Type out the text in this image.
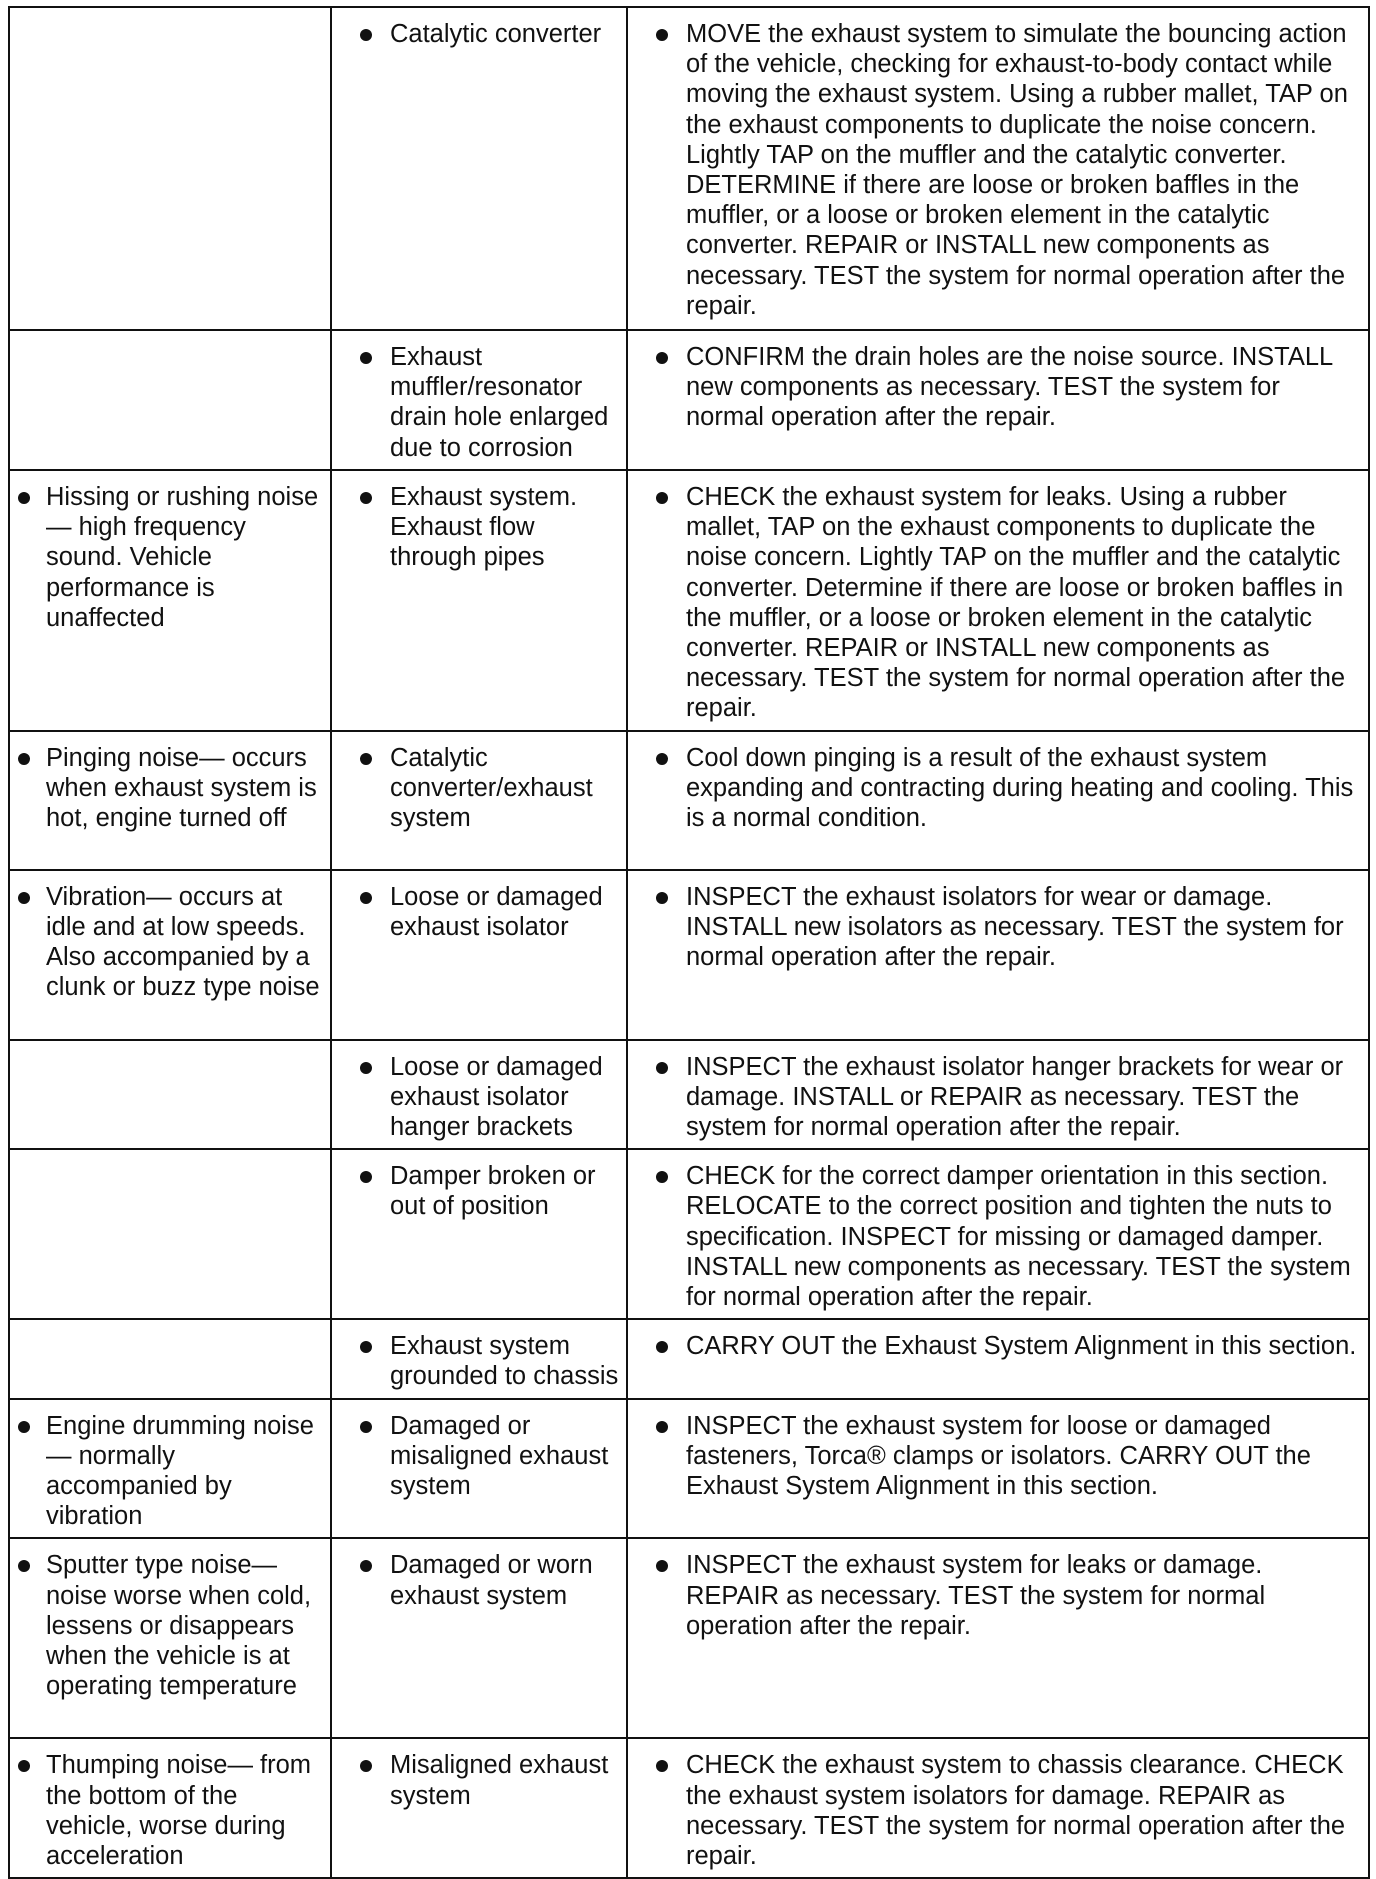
	Catalytic converter	MOVE the exhaust system to simulate the bouncing action of the vehicle, checking for exhaust-to-body contact while moving the exhaust system. Using a rubber mallet, TAP on the exhaust components to duplicate the noise concern. Lightly TAP on the muffler and the catalytic converter. DETERMINE if there are loose or broken baffles in the muffler, or a loose or broken element in the catalytic converter. REPAIR or INSTALL new components as necessary. TEST the system for normal operation after the repair.

	Exhaust muffler/resonator drain hole enlarged due to corrosion	CONFIRM the drain holes are the noise source. INSTALL new components as necessary. TEST the system for normal operation after the repair.

Hissing or rushing noise— high frequency sound. Vehicle performance is unaffected	Exhaust system. Exhaust flow through pipes	CHECK the exhaust system for leaks. Using a rubber mallet, TAP on the exhaust components to duplicate the noise concern. Lightly TAP on the muffler and the catalytic converter. Determine if there are loose or broken baffles in the muffler, or a loose or broken element in the catalytic converter. REPAIR or INSTALL new components as necessary. TEST the system for normal operation after the repair.

Pinging noise— occurs when exhaust system is hot, engine turned off	Catalytic converter/exhaust system	Cool down pinging is a result of the exhaust system expanding and contracting during heating and cooling. This is a normal condition.

Vibration— occurs at idle and at low speeds. Also accompanied by a clunk or buzz type noise	Loose or damaged exhaust isolator	INSPECT the exhaust isolators for wear or damage. INSTALL new isolators as necessary. TEST the system for normal operation after the repair.

	Loose or damaged exhaust isolator hanger brackets	INSPECT the exhaust isolator hanger brackets for wear or damage. INSTALL or REPAIR as necessary. TEST the system for normal operation after the repair.

	Damper broken or out of position	CHECK for the correct damper orientation in this section. RELOCATE to the correct position and tighten the nuts to specification. INSPECT for missing or damaged damper. INSTALL new components as necessary. TEST the system for normal operation after the repair.

	Exhaust system grounded to chassis	CARRY OUT the Exhaust System Alignment in this section.

Engine drumming noise— normally accompanied by vibration	Damaged or misaligned exhaust system	INSPECT the exhaust system for loose or damaged fasteners, Torca® clamps or isolators. CARRY OUT the Exhaust System Alignment in this section.

Sputter type noise— noise worse when cold, lessens or disappears when the vehicle is at operating temperature	Damaged or worn exhaust system	INSPECT the exhaust system for leaks or damage. REPAIR as necessary. TEST the system for normal operation after the repair.

Thumping noise— from the bottom of the vehicle, worse during acceleration	Misaligned exhaust system	CHECK the exhaust system to chassis clearance. CHECK the exhaust system isolators for damage. REPAIR as necessary. TEST the system for normal operation after the repair.
